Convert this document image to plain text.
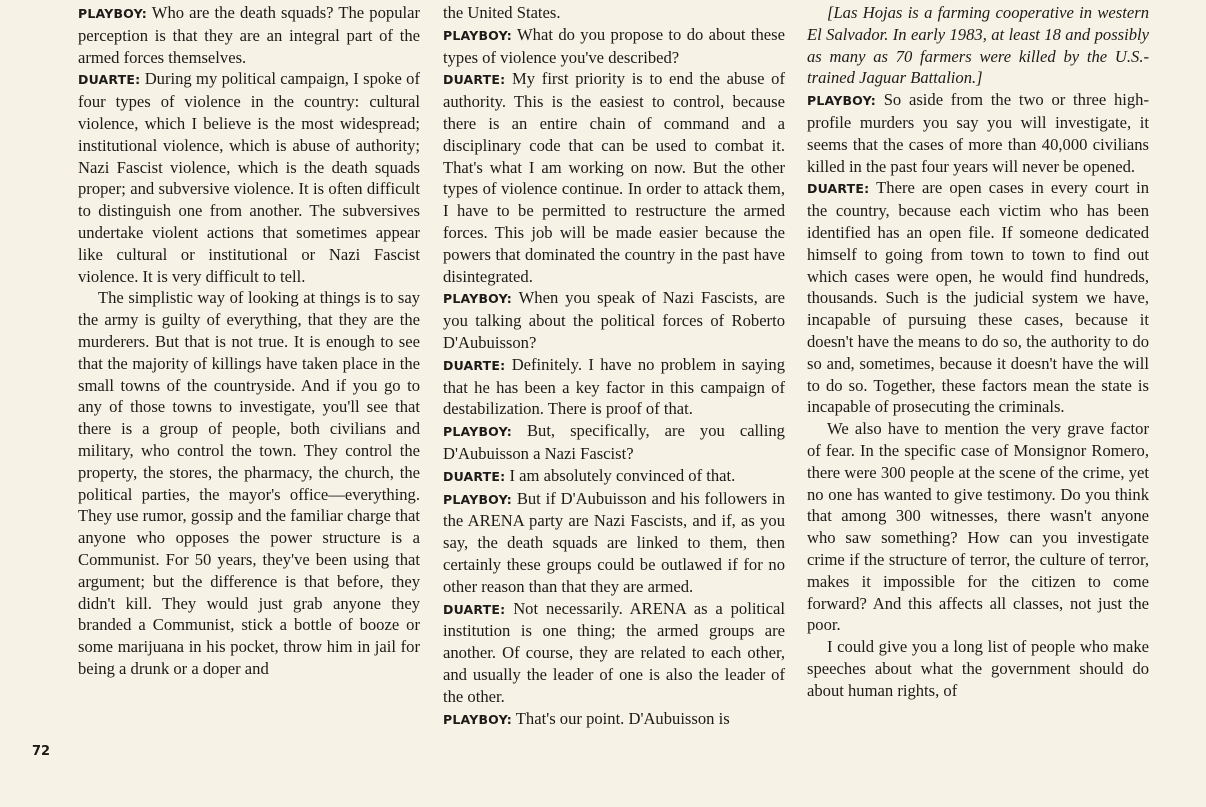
PLAYBOY: Who are the death squads? The popular perception is that they are an integral part of the armed forces themselves.

DUARTE: During my political campaign, I spoke of four types of violence in the country: cultural violence, which I believe is the most widespread; institutional violence, which is abuse of authority; Nazi Fascist violence, which is the death squads proper; and subversive violence. It is often difficult to distinguish one from another. The subversives undertake violent actions that sometimes appear like cultural or institutional or Nazi Fascist violence. It is very difficult to tell.

The simplistic way of looking at things is to say the army is guilty of everything, that they are the murderers. But that is not true. It is enough to see that the majority of killings have taken place in the small towns of the countryside. And if you go to any of those towns to investigate, you'll see that there is a group of people, both civilians and military, who control the town. They control the property, the stores, the pharmacy, the church, the political parties, the mayor's office—everything. They use rumor, gossip and the familiar charge that anyone who opposes the power structure is a Communist. For 50 years, they've been using that argument; but the difference is that before, they didn't kill. They would just grab anyone they branded a Communist, stick a bottle of booze or some marijuana in his pocket, throw him in jail for being a drunk or a doper and

the United States.

PLAYBOY: What do you propose to do about these types of violence you've described?

DUARTE: My first priority is to end the abuse of authority. This is the easiest to control, because there is an entire chain of command and a disciplinary code that can be used to combat it. That's what I am working on now. But the other types of violence continue. In order to attack them, I have to be permitted to restructure the armed forces. This job will be made easier because the powers that dominated the country in the past have disintegrated.

PLAYBOY: When you speak of Nazi Fascists, are you talking about the political forces of Roberto D'Aubuisson?

DUARTE: Definitely. I have no problem in saying that he has been a key factor in this campaign of destabilization. There is proof of that.

PLAYBOY: But, specifically, are you calling D'Aubuisson a Nazi Fascist?

DUARTE: I am absolutely convinced of that.

PLAYBOY: But if D'Aubuisson and his followers in the ARENA party are Nazi Fascists, and if, as you say, the death squads are linked to them, then certainly these groups could be outlawed if for no other reason than that they are armed.

DUARTE: Not necessarily. ARENA as a political institution is one thing; the armed groups are another. Of course, they are related to each other, and usually the leader of one is also the leader of the other.

PLAYBOY: That's our point. D'Aubuisson is

[Las Hojas is a farming cooperative in western El Salvador. In early 1983, at least 18 and possibly as many as 70 farmers were killed by the U.S.-trained Jaguar Battalion.]

PLAYBOY: So aside from the two or three high-profile murders you say you will investigate, it seems that the cases of more than 40,000 civilians killed in the past four years will never be opened.

DUARTE: There are open cases in every court in the country, because each victim who has been identified has an open file. If someone dedicated himself to going from town to town to find out which cases were open, he would find hundreds, thousands. Such is the judicial system we have, incapable of pursuing these cases, because it doesn't have the means to do so, the authority to do so and, sometimes, because it doesn't have the will to do so. Together, these factors mean the state is incapable of prosecuting the criminals.

We also have to mention the very grave factor of fear. In the specific case of Monsignor Romero, there were 300 people at the scene of the crime, yet no one has wanted to give testimony. Do you think that among 300 witnesses, there wasn't anyone who saw something? How can you investigate crime if the structure of terror, the culture of terror, makes it impossible for the citizen to come forward? And this affects all classes, not just the poor.

I could give you a long list of people who make speeches about what the government should do about human rights, of

72
